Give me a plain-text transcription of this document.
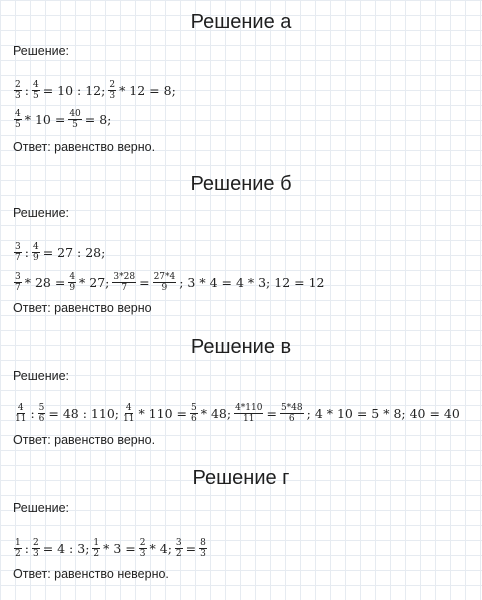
Решение а

Решение:

$\frac{2}{3}$ : $\frac{4}{5} = 10$ : 12; $\frac{2}{3} * 12 = 8$;
$\frac{4}{5} * 10 = \frac{40}{5} = 8$;

Ответ: равенство верно.

Решение б

Решение:

$\frac{3}{7}$ : $\frac{4}{9} = 27$ : 28;
$\frac{3}{7} * 28 = \frac{4}{9} * 27$; $\frac{3*28}{7} = \frac{27*4}{9}$ ; 3 * 4 = 4 * 3; 12 = 12

Ответ: равенство верно

Решение в

Решение:

$\frac{4}{11}$ : $\frac{5}{6} = 48$ : 110; $\frac{4}{11} * 110 = \frac{5}{6} * 48$; $\frac{4*110}{11} = \frac{5*48}{6}$ ; 4 * 10 = 5 * 8; 40 = 40

Ответ: равенство верно.

Решение г

Решение:

$\frac{1}{2}$ : $\frac{2}{3} = 4$ : 3; $\frac{1}{2} * 3 = \frac{2}{3} * 4$; $\frac{3}{2} = \frac{8}{3}$

Ответ: равенство неверно.
